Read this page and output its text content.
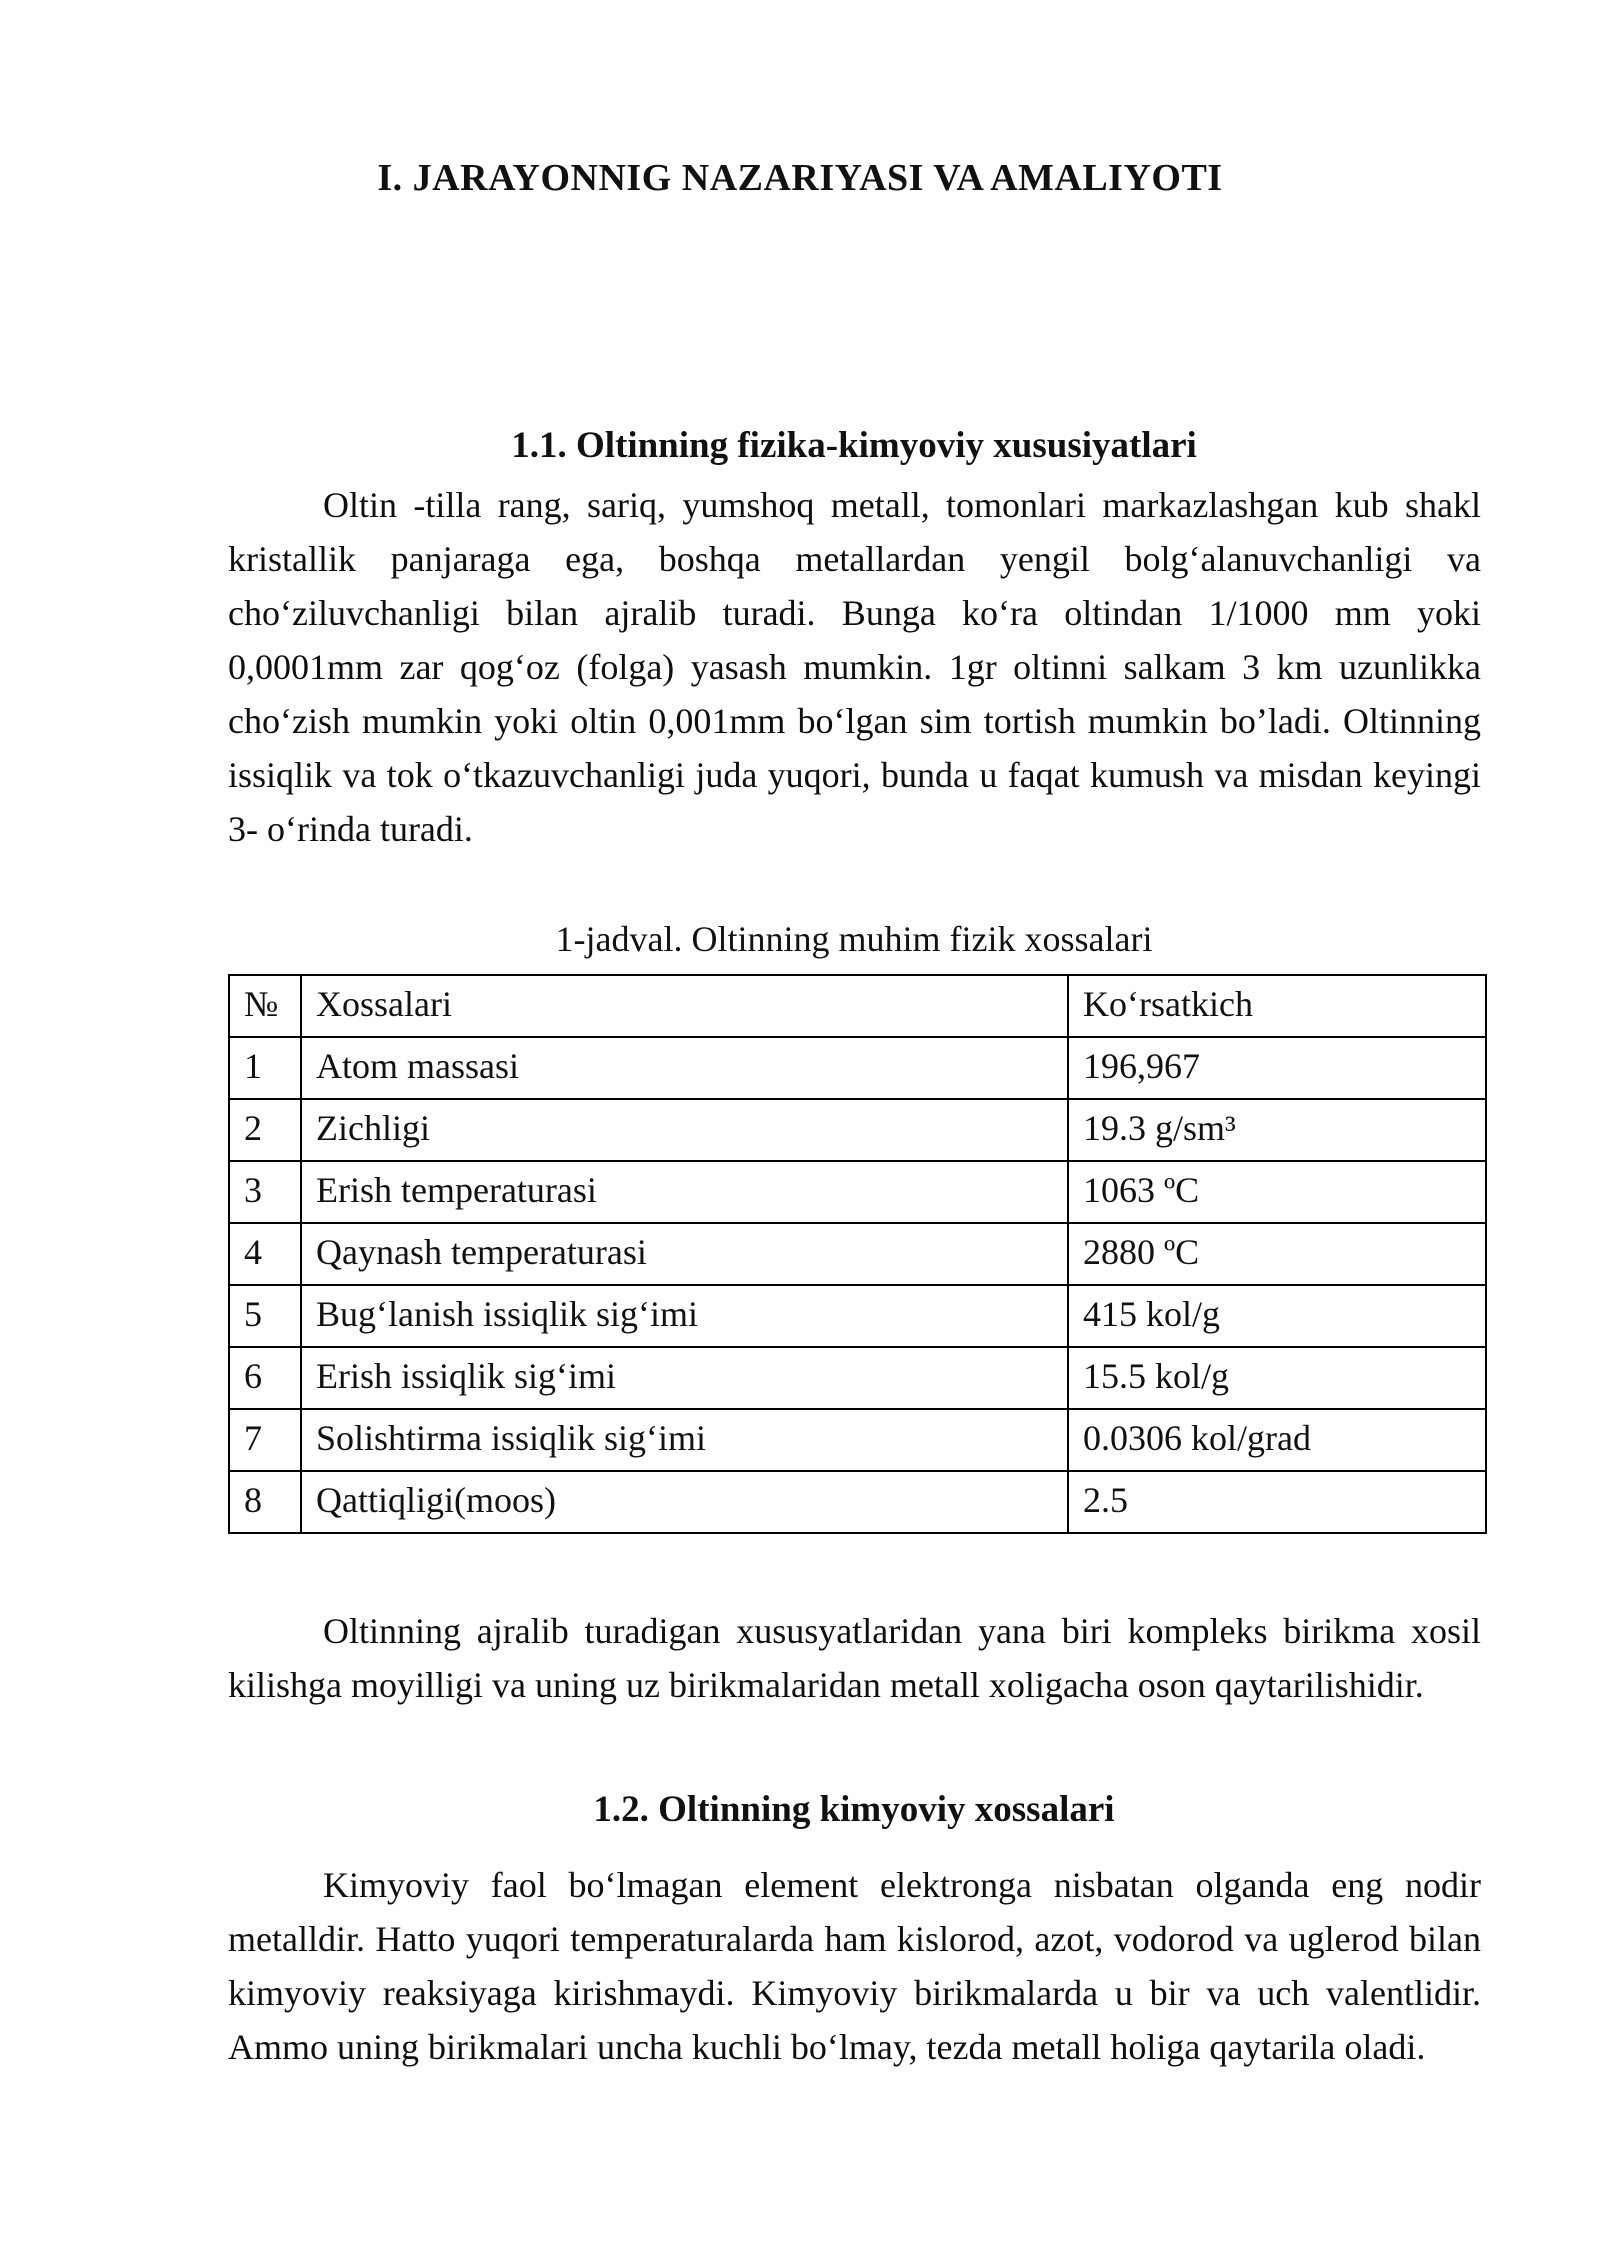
I. JARAYONNIG NAZARIYASI VA AMALIYOTI
1.1. Oltinning fizika-kimyoviy xususiyatlari

Oltin -tilla rang, sariq, yumshoq metall, tomonlari markazlashgan kub shakl kristallik panjaraga ega, boshqa metallardan yengil bolg‘alanuvchanligi va cho‘ziluvchanligi bilan ajralib turadi. Bunga ko‘ra oltindan 1/1000 mm yoki 0,0001mm zar qog‘oz (folga) yasash mumkin. 1gr oltinni salkam 3 km uzunlikka cho‘zish mumkin yoki oltin 0,001mm bo‘lgan sim tortish mumkin bo’ladi. Oltinning issiqlik va tok o‘tkazuvchanligi juda yuqori, bunda u faqat kumush va misdan keyingi 3- o‘rinda turadi.

1-jadval. Oltinning muhim fizik xossalari
№	Xossalari	Ko‘rsatkich
1	Atom massasi	196,967
2	Zichligi	19.3 g/sm³
3	Erish temperaturasi	1063 ºC
4	Qaynash temperaturasi	2880 ºC
5	Bug‘lanish issiqlik sig‘imi	415 kol/g
6	Erish issiqlik sig‘imi	15.5 kol/g
7	Solishtirma issiqlik sig‘imi	0.0306 kol/grad
8	Qattiqligi(moos)	2.5

Oltinning ajralib turadigan xususyatlaridan yana biri kompleks birikma xosil kilishga moyilligi va uning uz birikmalaridan metall xoligacha oson qaytarilishidir.

1.2. Oltinning kimyoviy xossalari

Kimyoviy faol bo‘lmagan element elektronga nisbatan olganda eng nodir metalldir. Hatto yuqori temperaturalarda ham kislorod, azot, vodorod va uglerod bilan kimyoviy reaksiyaga kirishmaydi. Kimyoviy birikmalarda u bir va uch valentlidir. Ammo uning birikmalari uncha kuchli bo‘lmay, tezda metall holiga qaytarila oladi.
